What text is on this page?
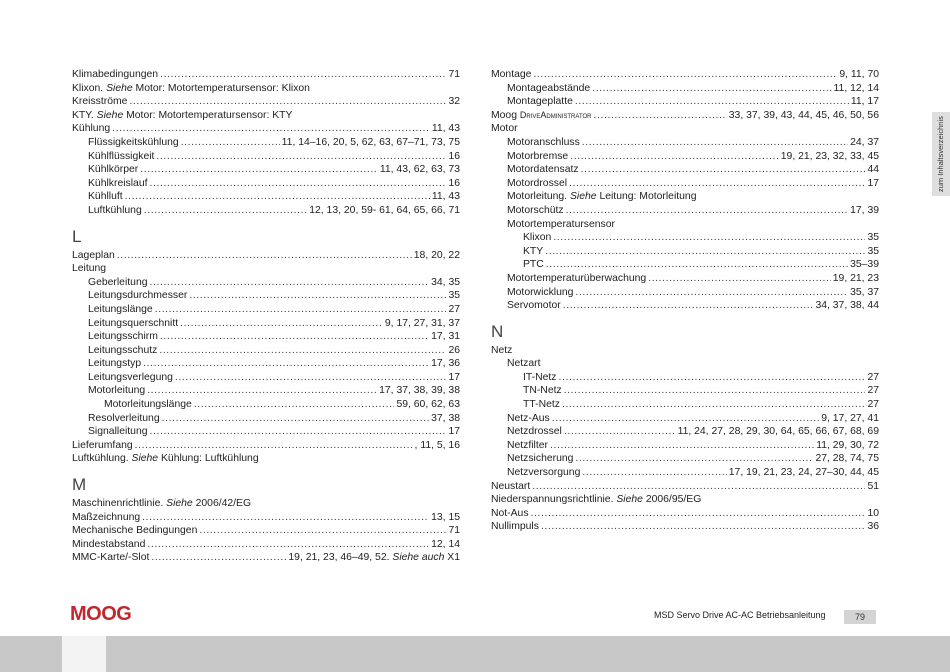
Klimabedingungen .....	71
Klixon. Siehe Motor: Motortemperatursensor: Klixon
Kreisströme .....	32
KTY. Siehe Motor: Motortemperatursensor: KTY
Kühlung .....	11, 43
Flüssigkeitskühlung .....	11, 14–16, 20, 5, 62, 63, 67–71, 73, 75
Kühlflüssigkeit .....	16
Kühlkörper .....	11, 43, 62, 63, 73
Kühlkreislauf .....	16
Kühlluft .....	11, 43
Luftkühlung .....	12, 13, 20, 59- 61, 64, 65, 66, 71
L
Lageplan .....	18, 20, 22
Leitung
Geberleitung .....	34, 35
Leitungsdurchmesser .....	35
Leitungslänge .....	27
Leitungsquerschnitt .....	9, 17, 27, 31, 37
Leitungsschirm .....	17, 31
Leitungsschutz .....	26
Leitungstyp .....	17, 36
Leitungsverlegung .....	17
Motorleitung .....	17, 37, 38, 39, 38
Motorleitungslänge .....	59, 60, 62, 63
Resolverleitung .....	37, 38
Signalleitung .....	17
Lieferumfang .....	, 11, 5, 16
Luftkühlung. Siehe Kühlung: Luftkühlung
M
Maschinenrichtlinie. Siehe 2006/42/EG
Maßzeichnung .....	13, 15
Mechanische Bedingungen .....	71
Mindestabstand .....	12, 14
MMC-Karte/-Slot .....	19, 21, 23, 46–49, 52. Siehe auch X1
Montage .....	9, 11, 70
Montageabstände .....	11, 12, 14
Montageplatte .....	11, 17
Moog DriveAdministrator .....	33, 37, 39, 43, 44, 45, 46, 50, 56
Motor
Motoranschluss .....	24, 37
Motorbremse .....	19, 21, 23, 32, 33, 45
Motordatensatz .....	44
Motordrossel .....	17
Motorleitung. Siehe Leitung: Motorleitung
Motorschütz .....	17, 39
Motortemperatursensor
Klixon .....	35
KTY .....	35
PTC .....	35–39
Motortemperaturüberwachung .....	19, 21, 23
Motorwicklung .....	35, 37
Servomotor .....	34, 37, 38, 44
N
Netz
Netzart
IT-Netz .....	27
TN-Netz .....	27
TT-Netz .....	27
Netz-Aus .....	9, 17, 27, 41
Netzdrossel .....	11, 24, 27, 28, 29, 30, 64, 65, 66, 67, 68, 69
Netzfilter .....	11, 29, 30, 72
Netzsicherung .....	27, 28, 74, 75
Netzversorgung .....	17, 19, 21, 23, 24, 27–30, 44, 45
Neustart .....	51
Niederspannungsrichtlinie. Siehe 2006/95/EG
Not-Aus .....	10
Nullimpuls .....	36
zum Inhaltsverzeichnis
MOOG	MSD Servo Drive AC-AC Betriebsanleitung	79
